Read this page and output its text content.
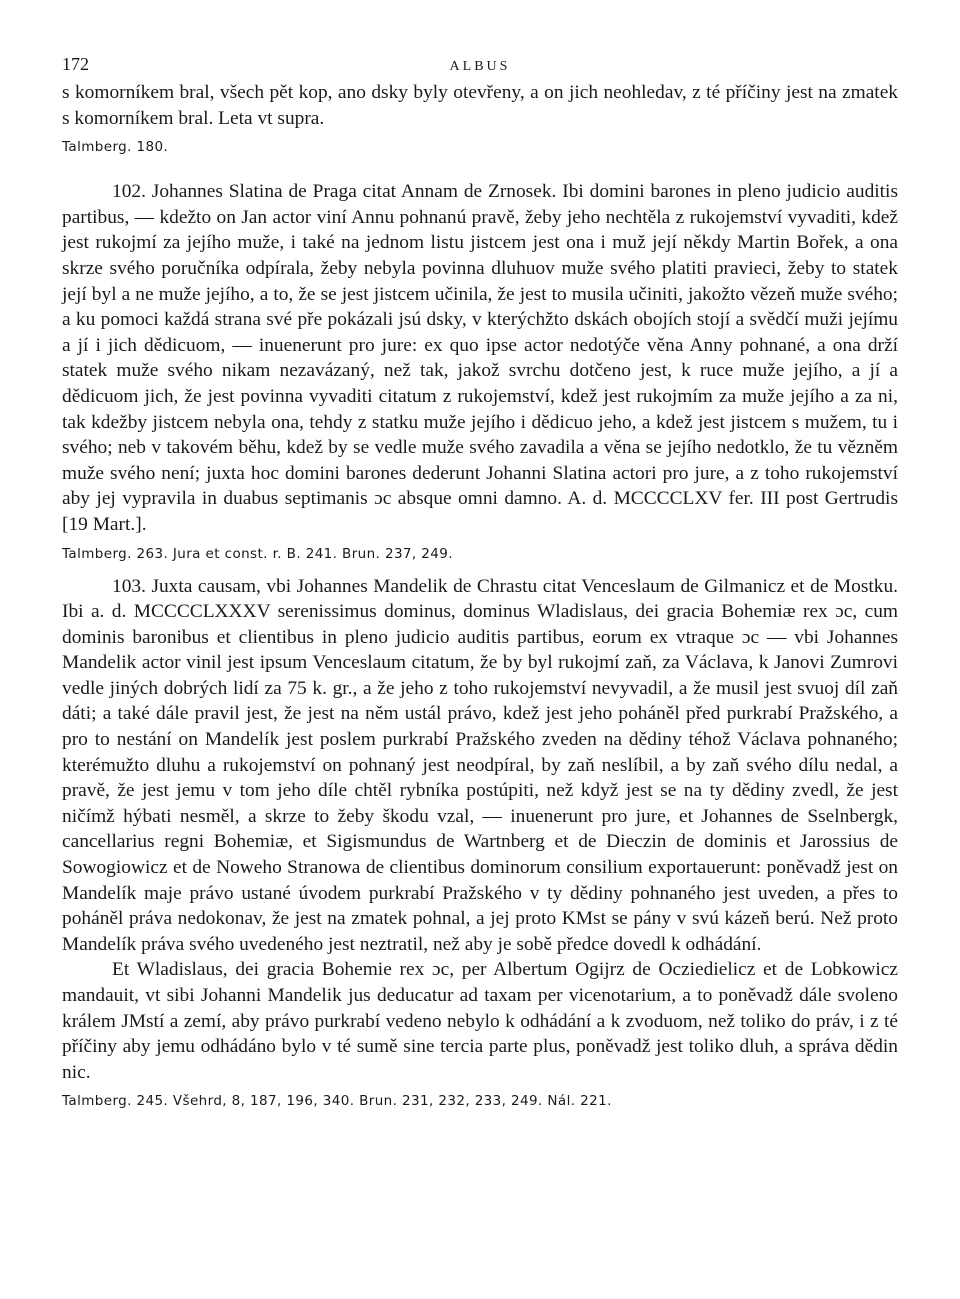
172	ALBUS

s komorníkem bral, všech pět kop, ano dsky byly otevřeny, a on jich neohledav, z té příčiny jest na zmatek s komorníkem bral. Leta vt supra.

Talmberg. 180.

102. Johannes Slatina de Praga citat Annam de Zrnosek. Ibi domini barones in pleno judicio auditis partibus, — kdežto on Jan actor viní Annu pohnanú pravě, žeby jeho nechtěla z rukojemství vyvaditi, kdež jest rukojmí za jejího muže, i také na jednom listu jistcem jest ona i muž její někdy Martin Bořek, a ona skrze svého poručníka odpírala, žeby nebyla povinna dluhuov muže svého platiti pravieci, žeby to statek její byl a ne muže jejího, a to, že se jest jistcem učinila, že jest to musila učiniti, jakožto vězeň muže svého; a ku pomoci každá strana své pře pokázali jsú dsky, v kterýchžto dskách obojích stojí a svědčí muži jejímu a jí i jich dědicuom, — inuenerunt pro jure: ex quo ipse actor nedotýče věna Anny pohnané, a ona drží statek muže svého nikam nezavázaný, než tak, jakož svrchu dotčeno jest, k ruce muže jejího, a jí a dědicuom jich, že jest povinna vyvaditi citatum z rukojemství, kdež jest rukojmím za muže jejího a za ni, tak kdežby jistcem nebyla ona, tehdy z statku muže jejího i dědicuo jeho, a kdež jest jistcem s mužem, tu i svého; neb v takovém běhu, kdež by se vedle muže svého zavadila a věna se jejího nedotklo, že tu vězněm muže svého není; juxta hoc domini barones dederunt Johanni Slatina actori pro jure, a z toho rukojemství aby jej vypravila in duabus septimanis ɔc absque omni damno. A. d. MCCCCLXV fer. III post Gertrudis [19 Mart.].

Talmberg. 263. Jura et const. r. B. 241. Brun. 237, 249.

103. Juxta causam, vbi Johannes Mandelik de Chrastu citat Venceslaum de Gilmanicz et de Mostku. Ibi a. d. MCCCCLXXXV serenissimus dominus, dominus Wladislaus, dei gracia Bohemiæ rex ɔc, cum dominis baronibus et clientibus in pleno judicio auditis partibus, eorum ex vtraque ɔc — vbi Johannes Mandelik actor vinil jest ipsum Venceslaum citatum, že by byl rukojmí zaň, za Václava, k Janovi Zumrovi vedle jiných dobrých lidí za 75 k. gr., a že jeho z toho rukojemství nevyvadil, a že musil jest svuoj díl zaň dáti; a také dále pravil jest, že jest na něm ustál právo, kdež jest jeho poháněl před purkrabí Pražského, a pro to nestání on Mandelík jest poslem purkrabí Pražského zveden na dědiny téhož Václava pohnaného; kterémužto dluhu a rukojemství on pohnaný jest neodpíral, by zaň neslíbil, a by zaň svého dílu nedal, a pravě, že jest jemu v tom jeho díle chtěl rybníka postúpiti, než když jest se na ty dědiny zvedl, že jest ničímž hýbati nesměl, a skrze to žeby škodu vzal, — inuenerunt pro jure, et Johannes de Sselnbergk, cancellarius regni Bohemiæ, et Sigismundus de Wartnberg et de Dieczin de dominis et Jarossius de Sowogiowicz et de Noweho Stranowa de clientibus dominorum consilium exportauerunt: poněvadž jest on Mandelík maje právo ustané úvodem purkrabí Pražského v ty dědiny pohnaného jest uveden, a přes to poháněl práva nedokonav, že jest na zmatek pohnal, a jej proto KMst se pány v svú kázeň berú. Než proto Mandelík práva svého uvedeného jest neztratil, než aby je sobě předce dovedl k odhádání.

Et Wladislaus, dei gracia Bohemie rex ɔc, per Albertum Ogijrz de Ocziedielicz et de Lobkowicz mandauit, vt sibi Johanni Mandelik jus deducatur ad taxam per vicenotarium, a to poněvadž dále svoleno králem JMstí a zemí, aby právo purkrabí vedeno nebylo k odhádání a k zvoduom, než toliko do práv, i z té příčiny aby jemu odhádáno bylo v té sumě sine tercia parte plus, poněvadž jest toliko dluh, a správa dědin nic.

Talmberg. 245. Všehrd, 8, 187, 196, 340. Brun. 231, 232, 233, 249. Nál. 221.
